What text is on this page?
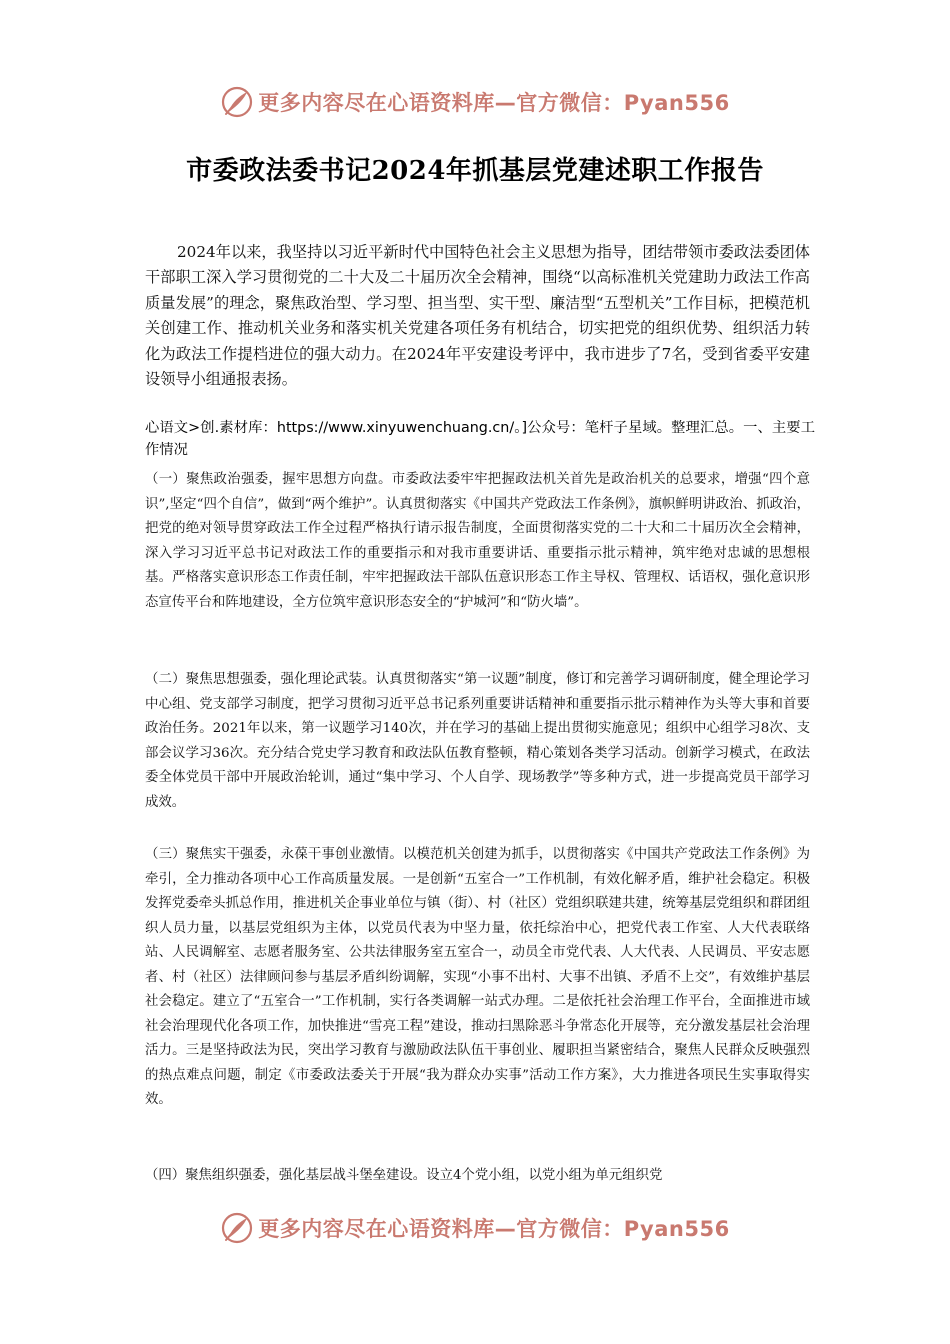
更多内容尽在心语资料库—官方微信：Pyan556
市委政法委书记2024年抓基层党建述职工作报告

2024年以来，我坚持以习近平新时代中国特色社会主义思想为指导，团结带领市委政法委团体干部职工深入学习贯彻党的二十大及二十届历次全会精神，围绕“以高标准机关党建助力政法工作高质量发展”的理念，聚焦政治型、学习型、担当型、实干型、廉洁型“五型机关”工作目标，把模范机关创建工作、推动机关业务和落实机关党建各项任务有机结合，切实把党的组织优势、组织活力转化为政法工作提档进位的强大动力。在2024年平安建设考评中，我市进步了7名，受到省委平安建设领导小组通报表扬。

心语文>创.素材库：https://www.xinyuwenchuang.cn/。]公众号：笔杆子星域。整理汇总。一、主要工作情况

（一）聚焦政治强委，握牢思想方向盘。市委政法委牢牢把握政法机关首先是政治机关的总要求，增强“四个意识”,坚定“四个自信”，做到“两个维护”。认真贯彻落实《中国共产党政法工作条例》，旗帜鲜明讲政治、抓政治，把党的绝对领导贯穿政法工作全过程严格执行请示报告制度，全面贯彻落实党的二十大和二十届历次全会精神，深入学习习近平总书记对政法工作的重要指示和对我市重要讲话、重要指示批示精神，筑牢绝对忠诚的思想根基。严格落实意识形态工作责任制，牢牢把握政法干部队伍意识形态工作主导权、管理权、话语权，强化意识形态宣传平台和阵地建设，全方位筑牢意识形态安全的“护城河”和“防火墙”。

（二）聚焦思想强委，强化理论武装。认真贯彻落实“第一议题”制度，修订和完善学习调研制度，健全理论学习中心组、党支部学习制度，把学习贯彻习近平总书记系列重要讲话精神和重要指示批示精神作为头等大事和首要政治任务。2021年以来，第一议题学习140次，并在学习的基础上提出贯彻实施意见；组织中心组学习8次、支部会议学习36次。充分结合党史学习教育和政法队伍教育整顿，精心策划各类学习活动。创新学习模式，在政法委全体党员干部中开展政治轮训，通过“集中学习、个人自学、现场教学”等多种方式，进一步提高党员干部学习成效。

（三）聚焦实干强委，永葆干事创业激情。以模范机关创建为抓手，以贯彻落实《中国共产党政法工作条例》为牵引，全力推动各项中心工作高质量发展。一是创新“五室合一”工作机制，有效化解矛盾，维护社会稳定。积极发挥党委牵头抓总作用，推进机关企事业单位与镇（街）、村（社区）党组织联建共建，统筹基层党组织和群团组织人员力量，以基层党组织为主体，以党员代表为中坚力量，依托综治中心，把党代表工作室、人大代表联络站、人民调解室、志愿者服务室、公共法律服务室五室合一，动员全市党代表、人大代表、人民调员、平安志愿者、村（社区）法律顾问参与基层矛盾纠纷调解，实现“小事不出村、大事不出镇、矛盾不上交”，有效维护基层社会稳定。建立了“五室合一”工作机制，实行各类调解一站式办理。二是依托社会治理工作平台，全面推进市域社会治理现代化各项工作，加快推进“雪亮工程”建设，推动扫黑除恶斗争常态化开展等，充分激发基层社会治理活力。三是坚持政法为民，突出学习教育与激励政法队伍干事创业、履职担当紧密结合，聚焦人民群众反映强烈的热点难点问题，制定《市委政法委关于开展“我为群众办实事”活动工作方案》，大力推进各项民生实事取得实效。

（四）聚焦组织强委，强化基层战斗堡垒建设。设立4个党小组，以党小组为单元组织党

更多内容尽在心语资料库—官方微信：Pyan556
